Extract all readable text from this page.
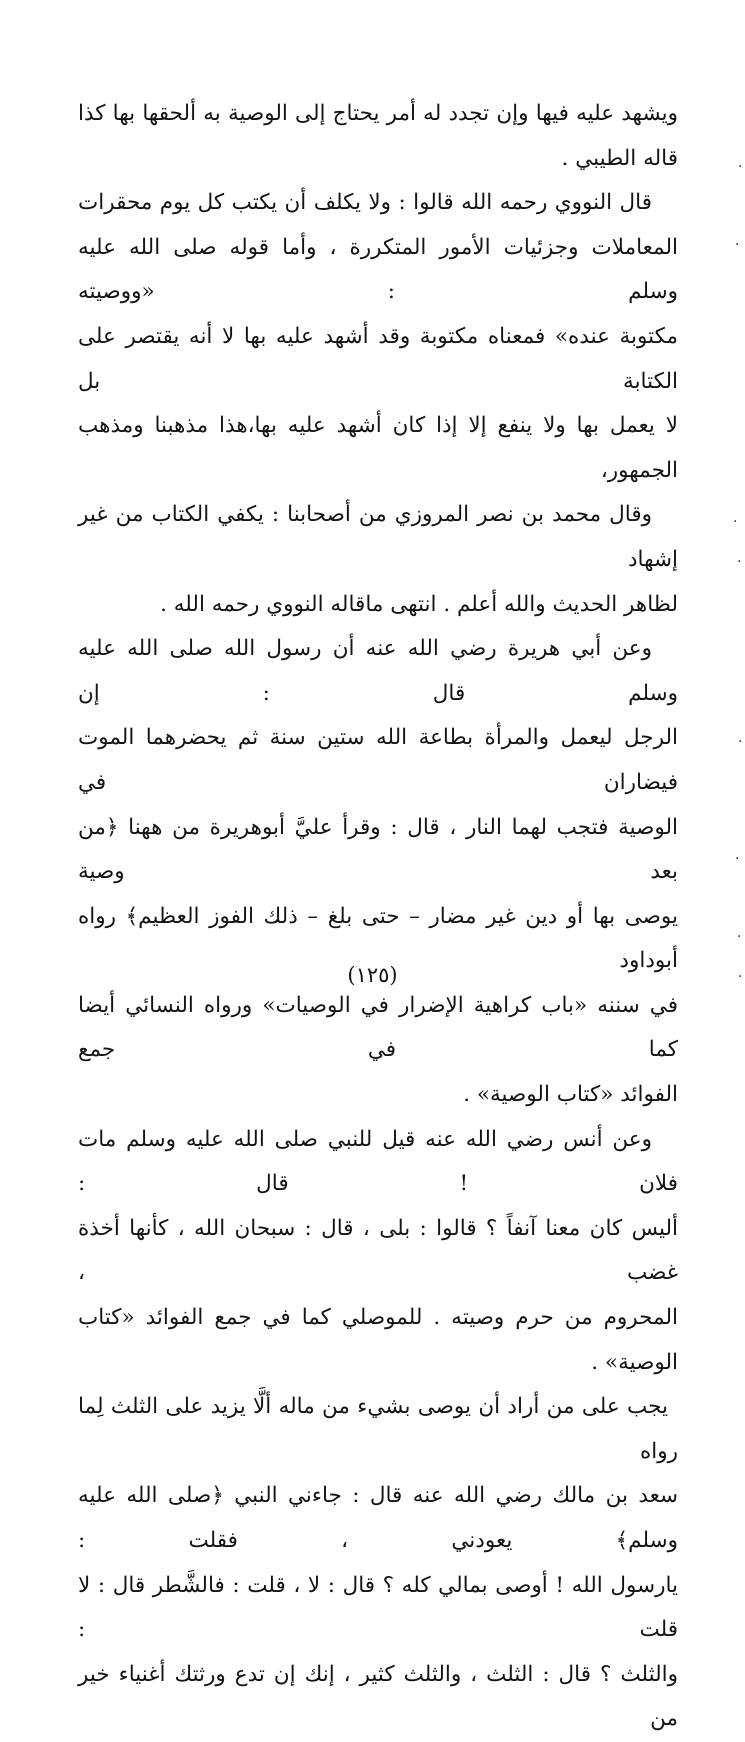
ويشهد عليه فيها وإن تجدد له أمر يحتاج إلى الوصية به ألحقها بها كذا

قاله الطيبي .

قال النووي رحمه الله قالوا : ولا يكلف أن يكتب كل يوم محقرات

المعاملات وجزئيات الأمور المتكررة ، وأما قوله صلى الله عليه وسلم : «ووصيته

مكتوبة عنده» فمعناه مكتوبة وقد أشهد عليه بها لا أنه يقتصر على الكتابة بل

لا يعمل بها ولا ينفع إلا إذا كان أشهد عليه بها،هذا مذهبنا ومذهب الجمهور،

وقال محمد بن نصر المروزي من أصحابنا : يكفي الكتاب من غير إشهاد

لظاهر الحديث والله أعلم . انتهى ماقاله النووي رحمه الله .

وعن أبي هريرة رضي الله عنه أن رسول الله صلى الله عليه وسلم قال : إن

الرجل ليعمل والمرأة بطاعة الله ستين سنة ثم يحضرهما الموت فيضاران في

الوصية فتجب لهما النار ، قال : وقرأ عليَّ أبوهريرة من ههنا ﴿من بعد وصية

يوصى بها أو دين غير مضار – حتى بلغ – ذلك الفوز العظيم﴾ رواه أبوداود

في سننه «باب كراهية الإضرار في الوصيات» ورواه النسائي أيضا كما في جمع

الفوائد «كتاب الوصية» .

وعن أنس رضي الله عنه قيل للنبي صلى الله عليه وسلم مات فلان ! قال :

أليس كان معنا آنفاً ؟ قالوا : بلى ، قال : سبحان الله ، كأنها أخذة غضب ،

المحروم من حرم وصيته . للموصلي كما في جمع الفوائد «كتاب الوصية» .

يجب على من أراد أن يوصى بشيء من ماله ألَّا يزيد على الثلث لِما رواه

سعد بن مالك رضي الله عنه قال : جاءني النبي ﴿صلى الله عليه وسلم﴾ يعودني ، فقلت :

يارسول الله ! أوصى بمالي كله ؟ قال : لا ، قلت : فالشَّطر قال : لا قلت :

والثلث ؟ قال : الثلث ، والثلث كثير ، إنك إن تدع ورثتك أغنياء خير من

(١٢٥)
·
·
·
·
·
·
·
·
